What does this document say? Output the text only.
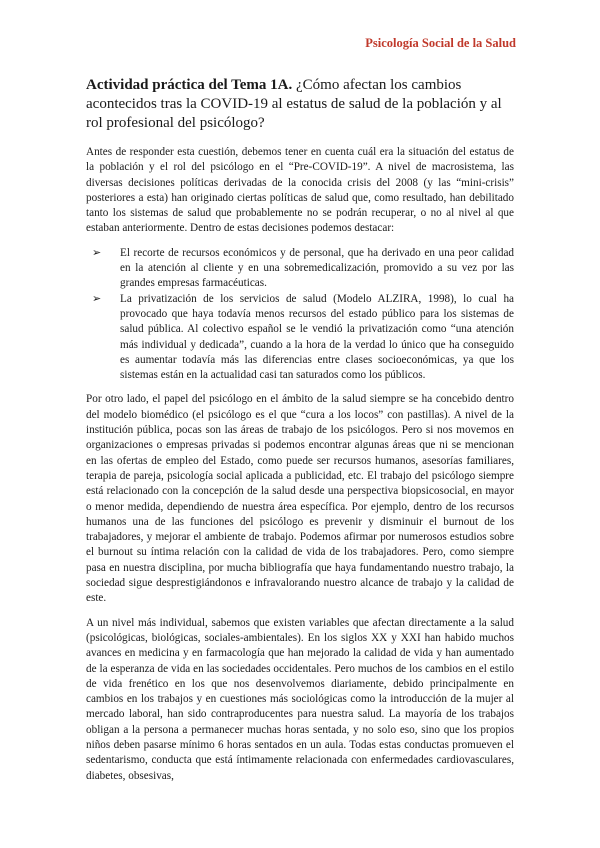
Psicología Social de la Salud
Actividad práctica del Tema 1A. ¿Cómo afectan los cambios acontecidos tras la COVID-19 al estatus de salud de la población y al rol profesional del psicólogo?

Antes de responder esta cuestión, debemos tener en cuenta cuál era la situación del estatus de la población y el rol del psicólogo en el “Pre-COVID-19”. A nivel de macrosistema, las diversas decisiones políticas derivadas de la conocida crisis del 2008 (y las “mini-crisis” posteriores a esta) han originado ciertas políticas de salud que, como resultado, han debilitado tanto los sistemas de salud que probablemente no se podrán recuperar, o no al nivel al que estaban anteriormente. Dentro de estas decisiones podemos destacar:

➢ El recorte de recursos económicos y de personal, que ha derivado en una peor calidad en la atención al cliente y en una sobremedicalización, promovido a su vez por las grandes empresas farmacéuticas.
➢ La privatización de los servicios de salud (Modelo ALZIRA, 1998), lo cual ha provocado que haya todavía menos recursos del estado público para los sistemas de salud pública. Al colectivo español se le vendió la privatización como “una atención más individual y dedicada”, cuando a la hora de la verdad lo único que ha conseguido es aumentar todavía más las diferencias entre clases socioeconómicas, ya que los sistemas están en la actualidad casi tan saturados como los públicos.

Por otro lado, el papel del psicólogo en el ámbito de la salud siempre se ha concebido dentro del modelo biomédico (el psicólogo es el que “cura a los locos” con pastillas). A nivel de la institución pública, pocas son las áreas de trabajo de los psicólogos. Pero si nos movemos en organizaciones o empresas privadas si podemos encontrar algunas áreas que ni se mencionan en las ofertas de empleo del Estado, como puede ser recursos humanos, asesorías familiares, terapia de pareja, psicología social aplicada a publicidad, etc. El trabajo del psicólogo siempre está relacionado con la concepción de la salud desde una perspectiva biopsicosocial, en mayor o menor medida, dependiendo de nuestra área específica. Por ejemplo, dentro de los recursos humanos una de las funciones del psicólogo es prevenir y disminuir el burnout de los trabajadores, y mejorar el ambiente de trabajo. Podemos afirmar por numerosos estudios sobre el burnout su íntima relación con la calidad de vida de los trabajadores. Pero, como siempre pasa en nuestra disciplina, por mucha bibliografía que haya fundamentando nuestro trabajo, la sociedad sigue desprestigiándonos e infravalorando nuestro alcance de trabajo y la calidad de este.

A un nivel más individual, sabemos que existen variables que afectan directamente a la salud (psicológicas, biológicas, sociales-ambientales). En los siglos XX y XXI han habido muchos avances en medicina y en farmacología que han mejorado la calidad de vida y han aumentado de la esperanza de vida en las sociedades occidentales. Pero muchos de los cambios en el estilo de vida frenético en los que nos desenvolvemos diariamente, debido principalmente en cambios en los trabajos y en cuestiones más sociológicas como la introducción de la mujer al mercado laboral, han sido contraproducentes para nuestra salud. La mayoría de los trabajos obligan a la persona a permanecer muchas horas sentada, y no solo eso, sino que los propios niños deben pasarse mínimo 6 horas sentados en un aula. Todas estas conductas promueven el sedentarismo, conducta que está íntimamente relacionada con enfermedades cardiovasculares, diabetes, obsesivas,
